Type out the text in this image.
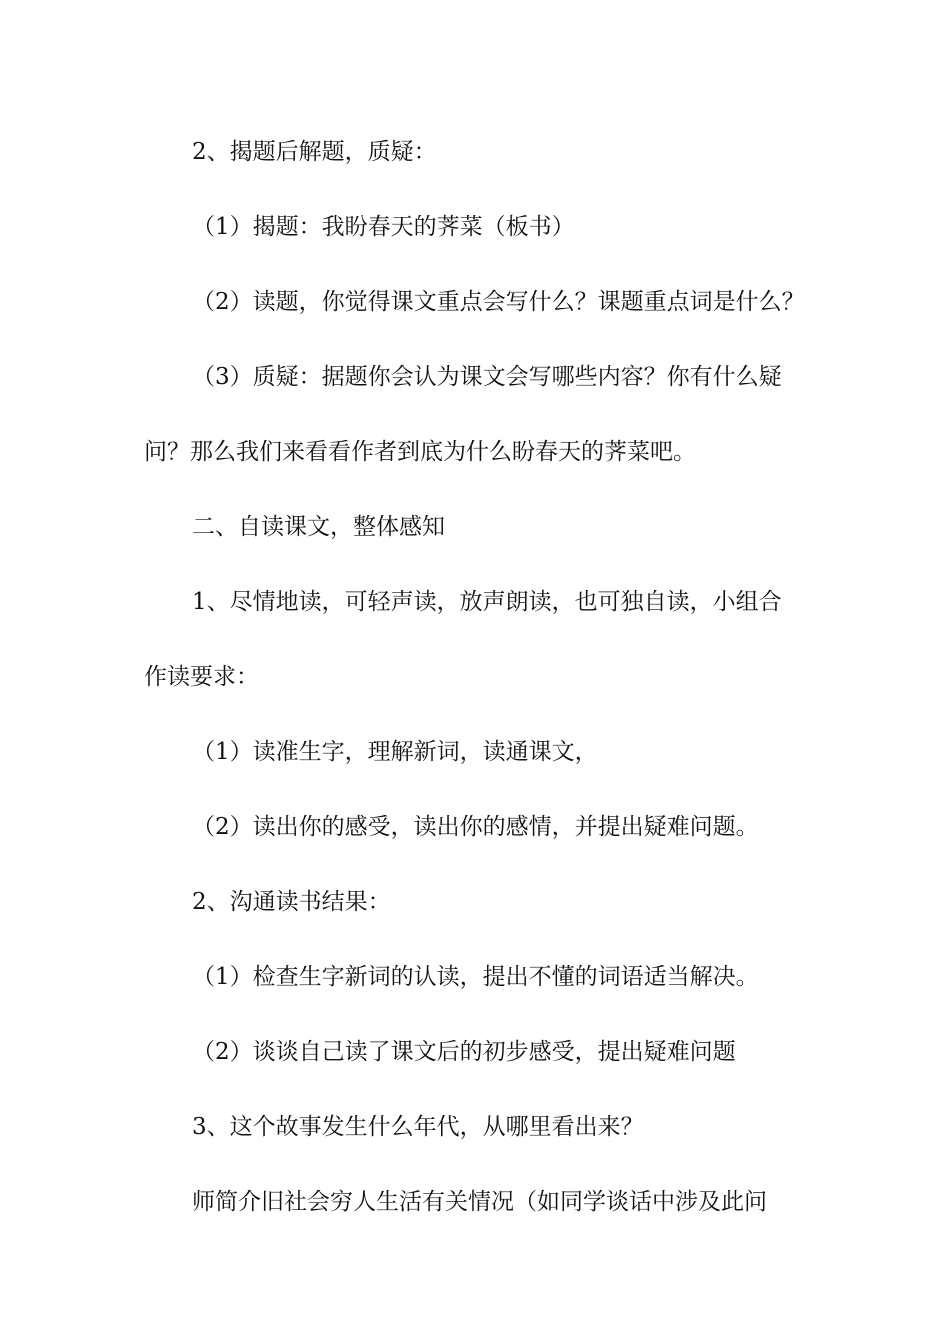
2、揭题后解题，质疑：
（1）揭题：我盼春天的荠菜（板书）
（2）读题，你觉得课文重点会写什么？课题重点词是什么？
（3）质疑：据题你会认为课文会写哪些内容？你有什么疑
问？那么我们来看看作者到底为什么盼春天的荠菜吧。
二、自读课文，整体感知
1、尽情地读，可轻声读，放声朗读，也可独自读，小组合
作读要求：
（1）读准生字，理解新词，读通课文，
（2）读出你的感受，读出你的感情，并提出疑难问题。
2、沟通读书结果：
（1）检查生字新词的认读，提出不懂的词语适当解决。
（2）谈谈自己读了课文后的初步感受，提出疑难问题
3、这个故事发生什么年代，从哪里看出来？
师简介旧社会穷人生活有关情况（如同学谈话中涉及此问
